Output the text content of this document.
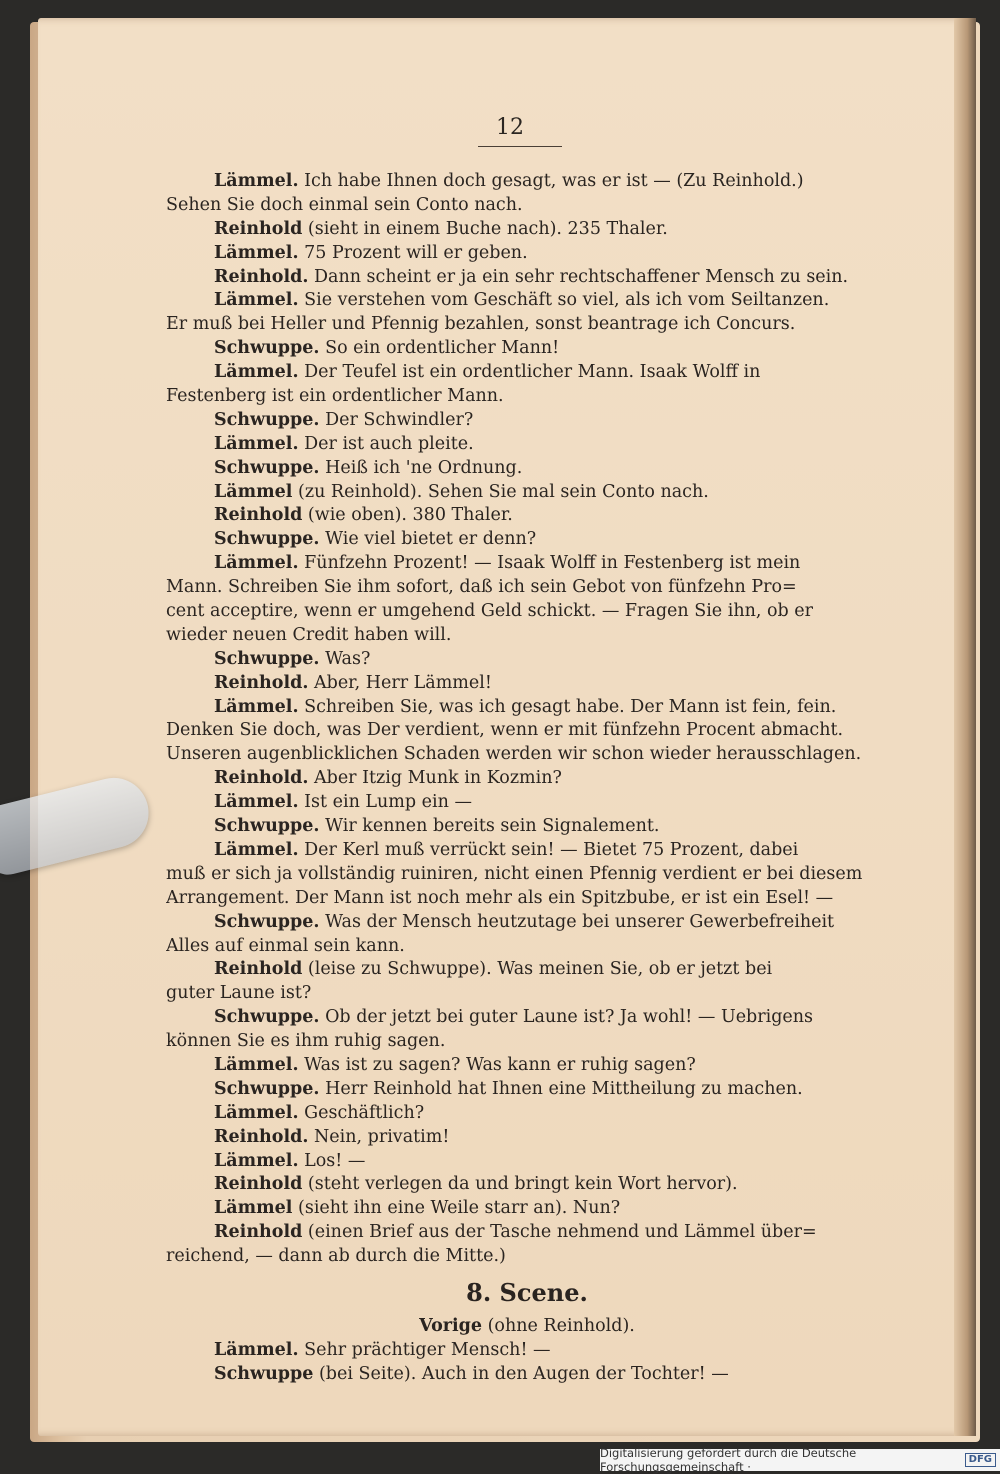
12
Lämmel. Ich habe Ihnen doch gesagt, was er ist — (Zu Reinhold.)
Sehen Sie doch einmal sein Conto nach.
Reinhold (sieht in einem Buche nach). 235 Thaler.
Lämmel. 75 Prozent will er geben.
Reinhold. Dann scheint er ja ein sehr rechtschaffener Mensch zu sein.
Lämmel. Sie verstehen vom Geschäft so viel, als ich vom Seiltanzen.
Er muß bei Heller und Pfennig bezahlen, sonst beantrage ich Concurs.
Schwuppe. So ein ordentlicher Mann!
Lämmel. Der Teufel ist ein ordentlicher Mann. Isaak Wolff in
Festenberg ist ein ordentlicher Mann.
Schwuppe. Der Schwindler?
Lämmel. Der ist auch pleite.
Schwuppe. Heiß ich 'ne Ordnung.
Lämmel (zu Reinhold). Sehen Sie mal sein Conto nach.
Reinhold (wie oben). 380 Thaler.
Schwuppe. Wie viel bietet er denn?
Lämmel. Fünfzehn Prozent! — Isaak Wolff in Festenberg ist mein
Mann. Schreiben Sie ihm sofort, daß ich sein Gebot von fünfzehn Pro=
cent acceptire, wenn er umgehend Geld schickt. — Fragen Sie ihn, ob er
wieder neuen Credit haben will.
Schwuppe. Was?
Reinhold. Aber, Herr Lämmel!
Lämmel. Schreiben Sie, was ich gesagt habe. Der Mann ist fein, fein.
Denken Sie doch, was Der verdient, wenn er mit fünfzehn Procent abmacht.
Unseren augenblicklichen Schaden werden wir schon wieder herausschlagen.
Reinhold. Aber Itzig Munk in Kozmin?
Lämmel. Ist ein Lump ein —
Schwuppe. Wir kennen bereits sein Signalement.
Lämmel. Der Kerl muß verrückt sein! — Bietet 75 Prozent, dabei
muß er sich ja vollständig ruiniren, nicht einen Pfennig verdient er bei diesem
Arrangement. Der Mann ist noch mehr als ein Spitzbube, er ist ein Esel! —
Schwuppe. Was der Mensch heutzutage bei unserer Gewerbefreiheit
Alles auf einmal sein kann.
Reinhold (leise zu Schwuppe). Was meinen Sie, ob er jetzt bei
guter Laune ist?
Schwuppe. Ob der jetzt bei guter Laune ist? Ja wohl! — Uebrigens
können Sie es ihm ruhig sagen.
Lämmel. Was ist zu sagen? Was kann er ruhig sagen?
Schwuppe. Herr Reinhold hat Ihnen eine Mittheilung zu machen.
Lämmel. Geschäftlich?
Reinhold. Nein, privatim!
Lämmel. Los! —
Reinhold (steht verlegen da und bringt kein Wort hervor).
Lämmel (sieht ihn eine Weile starr an). Nun?
Reinhold (einen Brief aus der Tasche nehmend und Lämmel über=
reichend, — dann ab durch die Mitte.)
8. Scene.
Vorige (ohne Reinhold).
Lämmel. Sehr prächtiger Mensch! —
Schwuppe (bei Seite). Auch in den Augen der Tochter! —
Digitalisierung gefördert durch die Deutsche Forschungsgemeinschaft ·
DFG
